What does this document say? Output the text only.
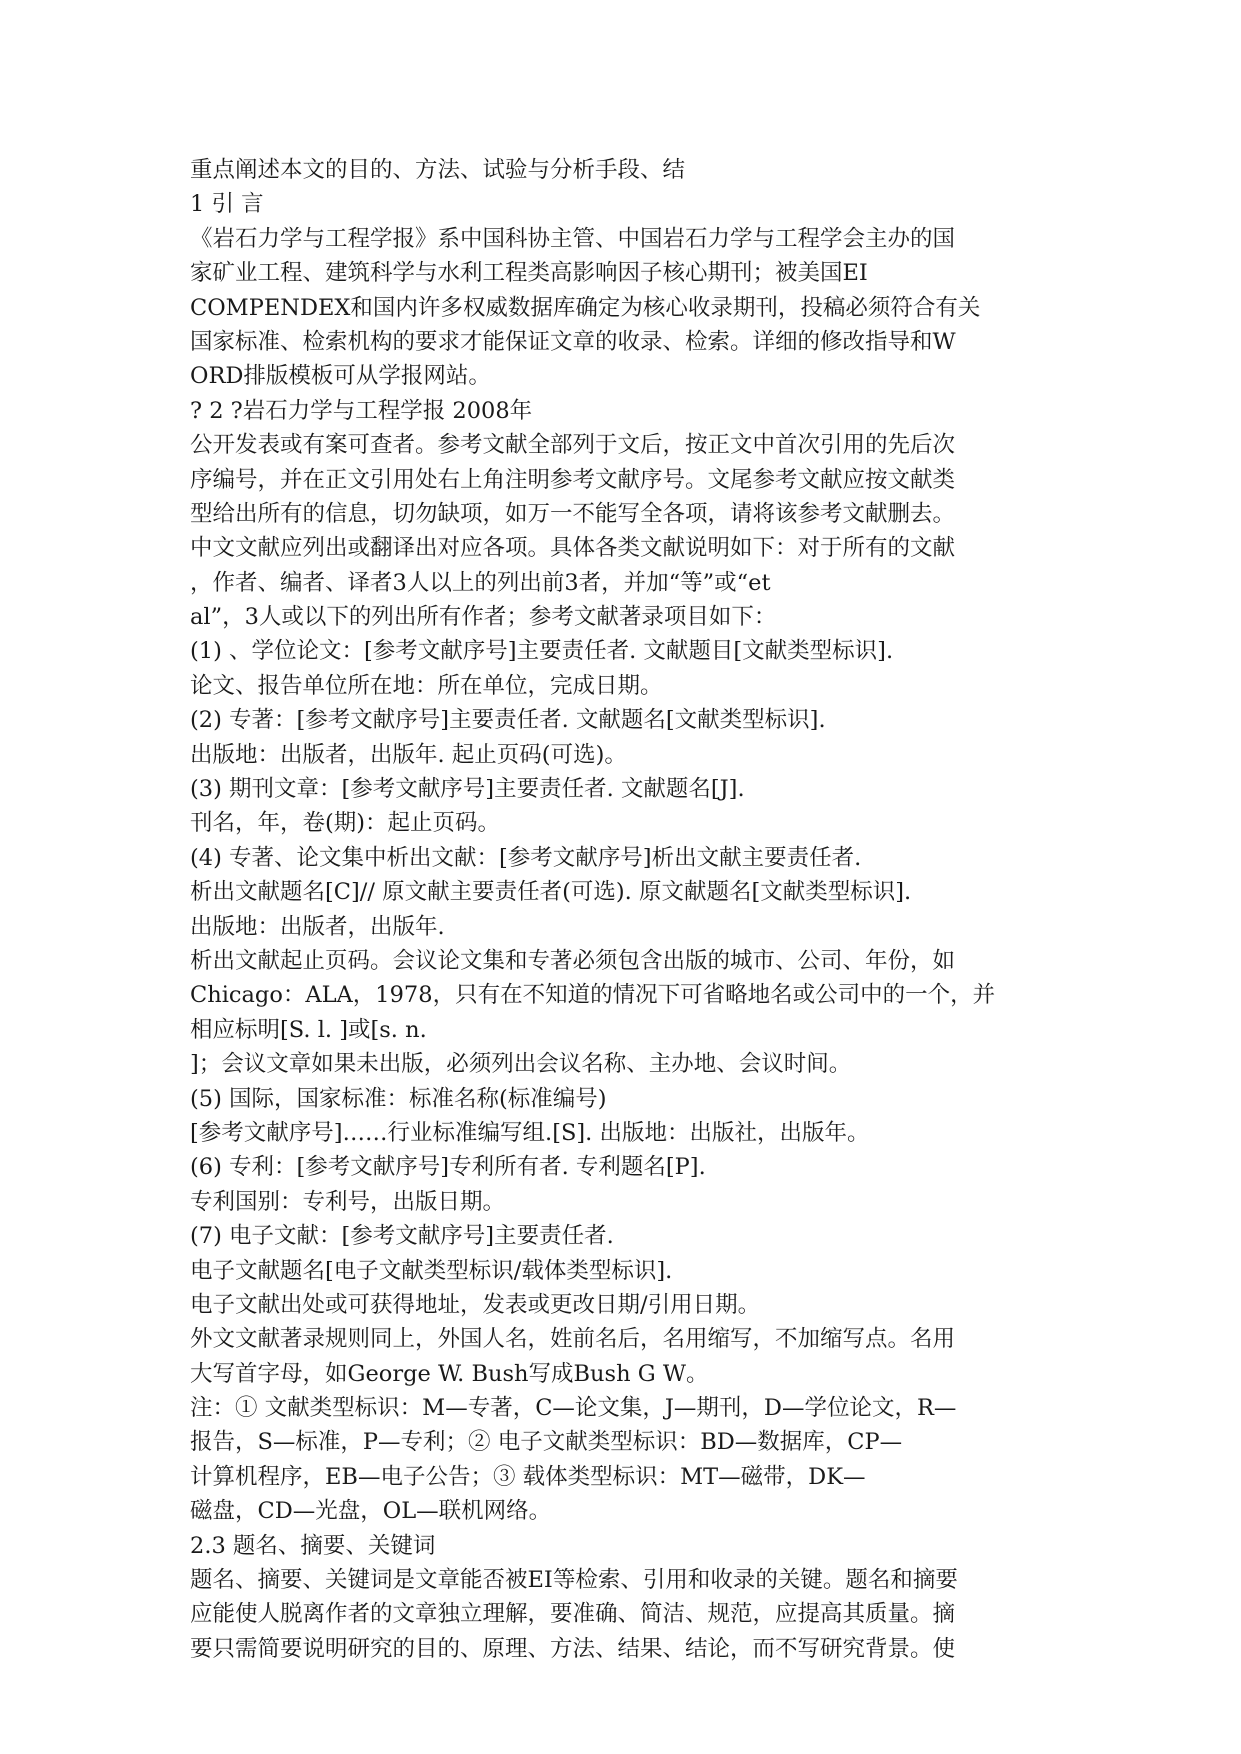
重点阐述本文的目的、方法、试验与分析手段、结
1 引 言
《岩石力学与工程学报》系中国科协主管、中国岩石力学与工程学会主办的国
家矿业工程、建筑科学与水利工程类高影响因子核心期刊；被美国EI
COMPENDEX和国内许多权威数据库确定为核心收录期刊，投稿必须符合有关
国家标准、检索机构的要求才能保证文章的收录、检索。详细的修改指导和W
ORD排版模板可从学报网站。
? 2 ?岩石力学与工程学报 2008年
公开发表或有案可查者。参考文献全部列于文后，按正文中首次引用的先后次
序编号，并在正文引用处右上角注明参考文献序号。文尾参考文献应按文献类
型给出所有的信息，切勿缺项，如万一不能写全各项，请将该参考文献删去。
中文文献应列出或翻译出对应各项。具体各类文献说明如下：对于所有的文献
，作者、编者、译者3人以上的列出前3者，并加“等”或“et
al”，3人或以下的列出所有作者；参考文献著录项目如下：
(1) 、学位论文：[参考文献序号]主要责任者. 文献题目[文献类型标识].
论文、报告单位所在地：所在单位，完成日期。
(2) 专著：[参考文献序号]主要责任者. 文献题名[文献类型标识].
出版地：出版者，出版年. 起止页码(可选)。
(3) 期刊文章：[参考文献序号]主要责任者. 文献题名[J].
刊名，年，卷(期)：起止页码。
(4) 专著、论文集中析出文献：[参考文献序号]析出文献主要责任者.
析出文献题名[C]// 原文献主要责任者(可选). 原文献题名[文献类型标识].
出版地：出版者，出版年.
析出文献起止页码。会议论文集和专著必须包含出版的城市、公司、年份，如
Chicago：ALA，1978，只有在不知道的情况下可省略地名或公司中的一个，并
相应标明[S. l. ]或[s. n.
]；会议文章如果未出版，必须列出会议名称、主办地、会议时间。
(5) 国际，国家标准：标准名称(标准编号)
[参考文献序号]……行业标准编写组.[S]. 出版地：出版社，出版年。
(6) 专利：[参考文献序号]专利所有者. 专利题名[P].
专利国别：专利号，出版日期。
(7) 电子文献：[参考文献序号]主要责任者.
电子文献题名[电子文献类型标识/载体类型标识].
电子文献出处或可获得地址，发表或更改日期/引用日期。
外文文献著录规则同上，外国人名，姓前名后，名用缩写，不加缩写点。名用
大写首字母，如George W. Bush写成Bush G W。
注：① 文献类型标识：M—专著，C—论文集，J—期刊，D—学位论文，R—
报告，S—标准，P—专利；② 电子文献类型标识：BD—数据库，CP—
计算机程序，EB—电子公告；③ 载体类型标识：MT—磁带，DK—
磁盘，CD—光盘，OL—联机网络。
2.3 题名、摘要、关键词
题名、摘要、关键词是文章能否被EI等检索、引用和收录的关键。题名和摘要
应能使人脱离作者的文章独立理解，要准确、简洁、规范，应提高其质量。摘
要只需简要说明研究的目的、原理、方法、结果、结论，而不写研究背景。使
